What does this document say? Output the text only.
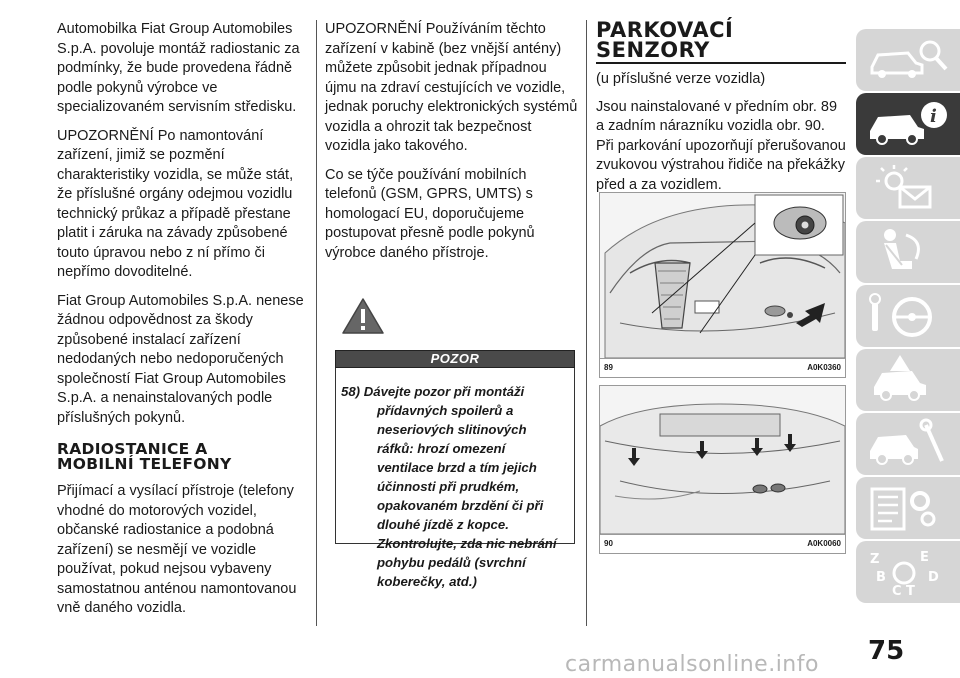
Automobilka Fiat Group Automobiles S.p.A. povoluje montáž radiostanic za podmínky, že bude provedena řádně podle pokynů výrobce ve specializovaném servisním středisku.

UPOZORNĚNÍ Po namontování zařízení, jimiž se pozmění charakteristiky vozidla, se může stát, že příslušné orgány odejmou vozidlu technický průkaz a případě přestane platit i záruka na závady způsobené touto úpravou nebo z ní přímo či nepřímo dovoditelné.

Fiat Group Automobiles S.p.A. nenese žádnou odpovědnost za škody způsobené instalací zařízení nedodaných nebo nedoporučených společností Fiat Group Automobiles S.p.A. a nenainstalovaných podle příslušných pokynů.

RADIOSTANICE A
MOBILNÍ TELEFONY

Přijímací a vysílací přístroje (telefony vhodné do motorových vozidel, občanské radiostanice a podobná zařízení) se nesmějí ve vozidle používat, pokud nejsou vybaveny samostatnou anténou namontovanou vně daného vozidla.

UPOZORNĚNÍ Používáním těchto zařízení v kabině (bez vnější antény) můžete způsobit jednak případnou újmu na zdraví cestujících ve vozidle, jednak poruchy elektronických systémů vozidla a ohrozit tak bezpečnost vozidla jako takového.

Co se týče používání mobilních telefonů (GSM, GPRS, UMTS) s homologací EU, doporučujeme postupovat přesně podle pokynů výrobce daného přístroje.

POZOR
58) Dávejte pozor při montáži přídavných spoilerů a neseriových slitinových ráfků: hrozí omezení ventilace brzd a tím jejich účinnosti při prudkém, opakovaném brzdění či při dlouhé jízdě z kopce. Zkontrolujte, zda nic nebrání pohybu pedálů (svrchní koberečky, atd.)
PARKOVACÍ
SENZORY

(u příslušné verze vozidla)

Jsou nainstalované v předním obr. 89 a zadním nárazníku vozidla obr. 90. Při parkování upozorňují přerušovanou zvukovou výstrahou řidiče na překážky před a za vozidlem.

89	A0K0360
90	A0K0060
i
Z	E
B	D
C T
75
carmanualsonline.info
